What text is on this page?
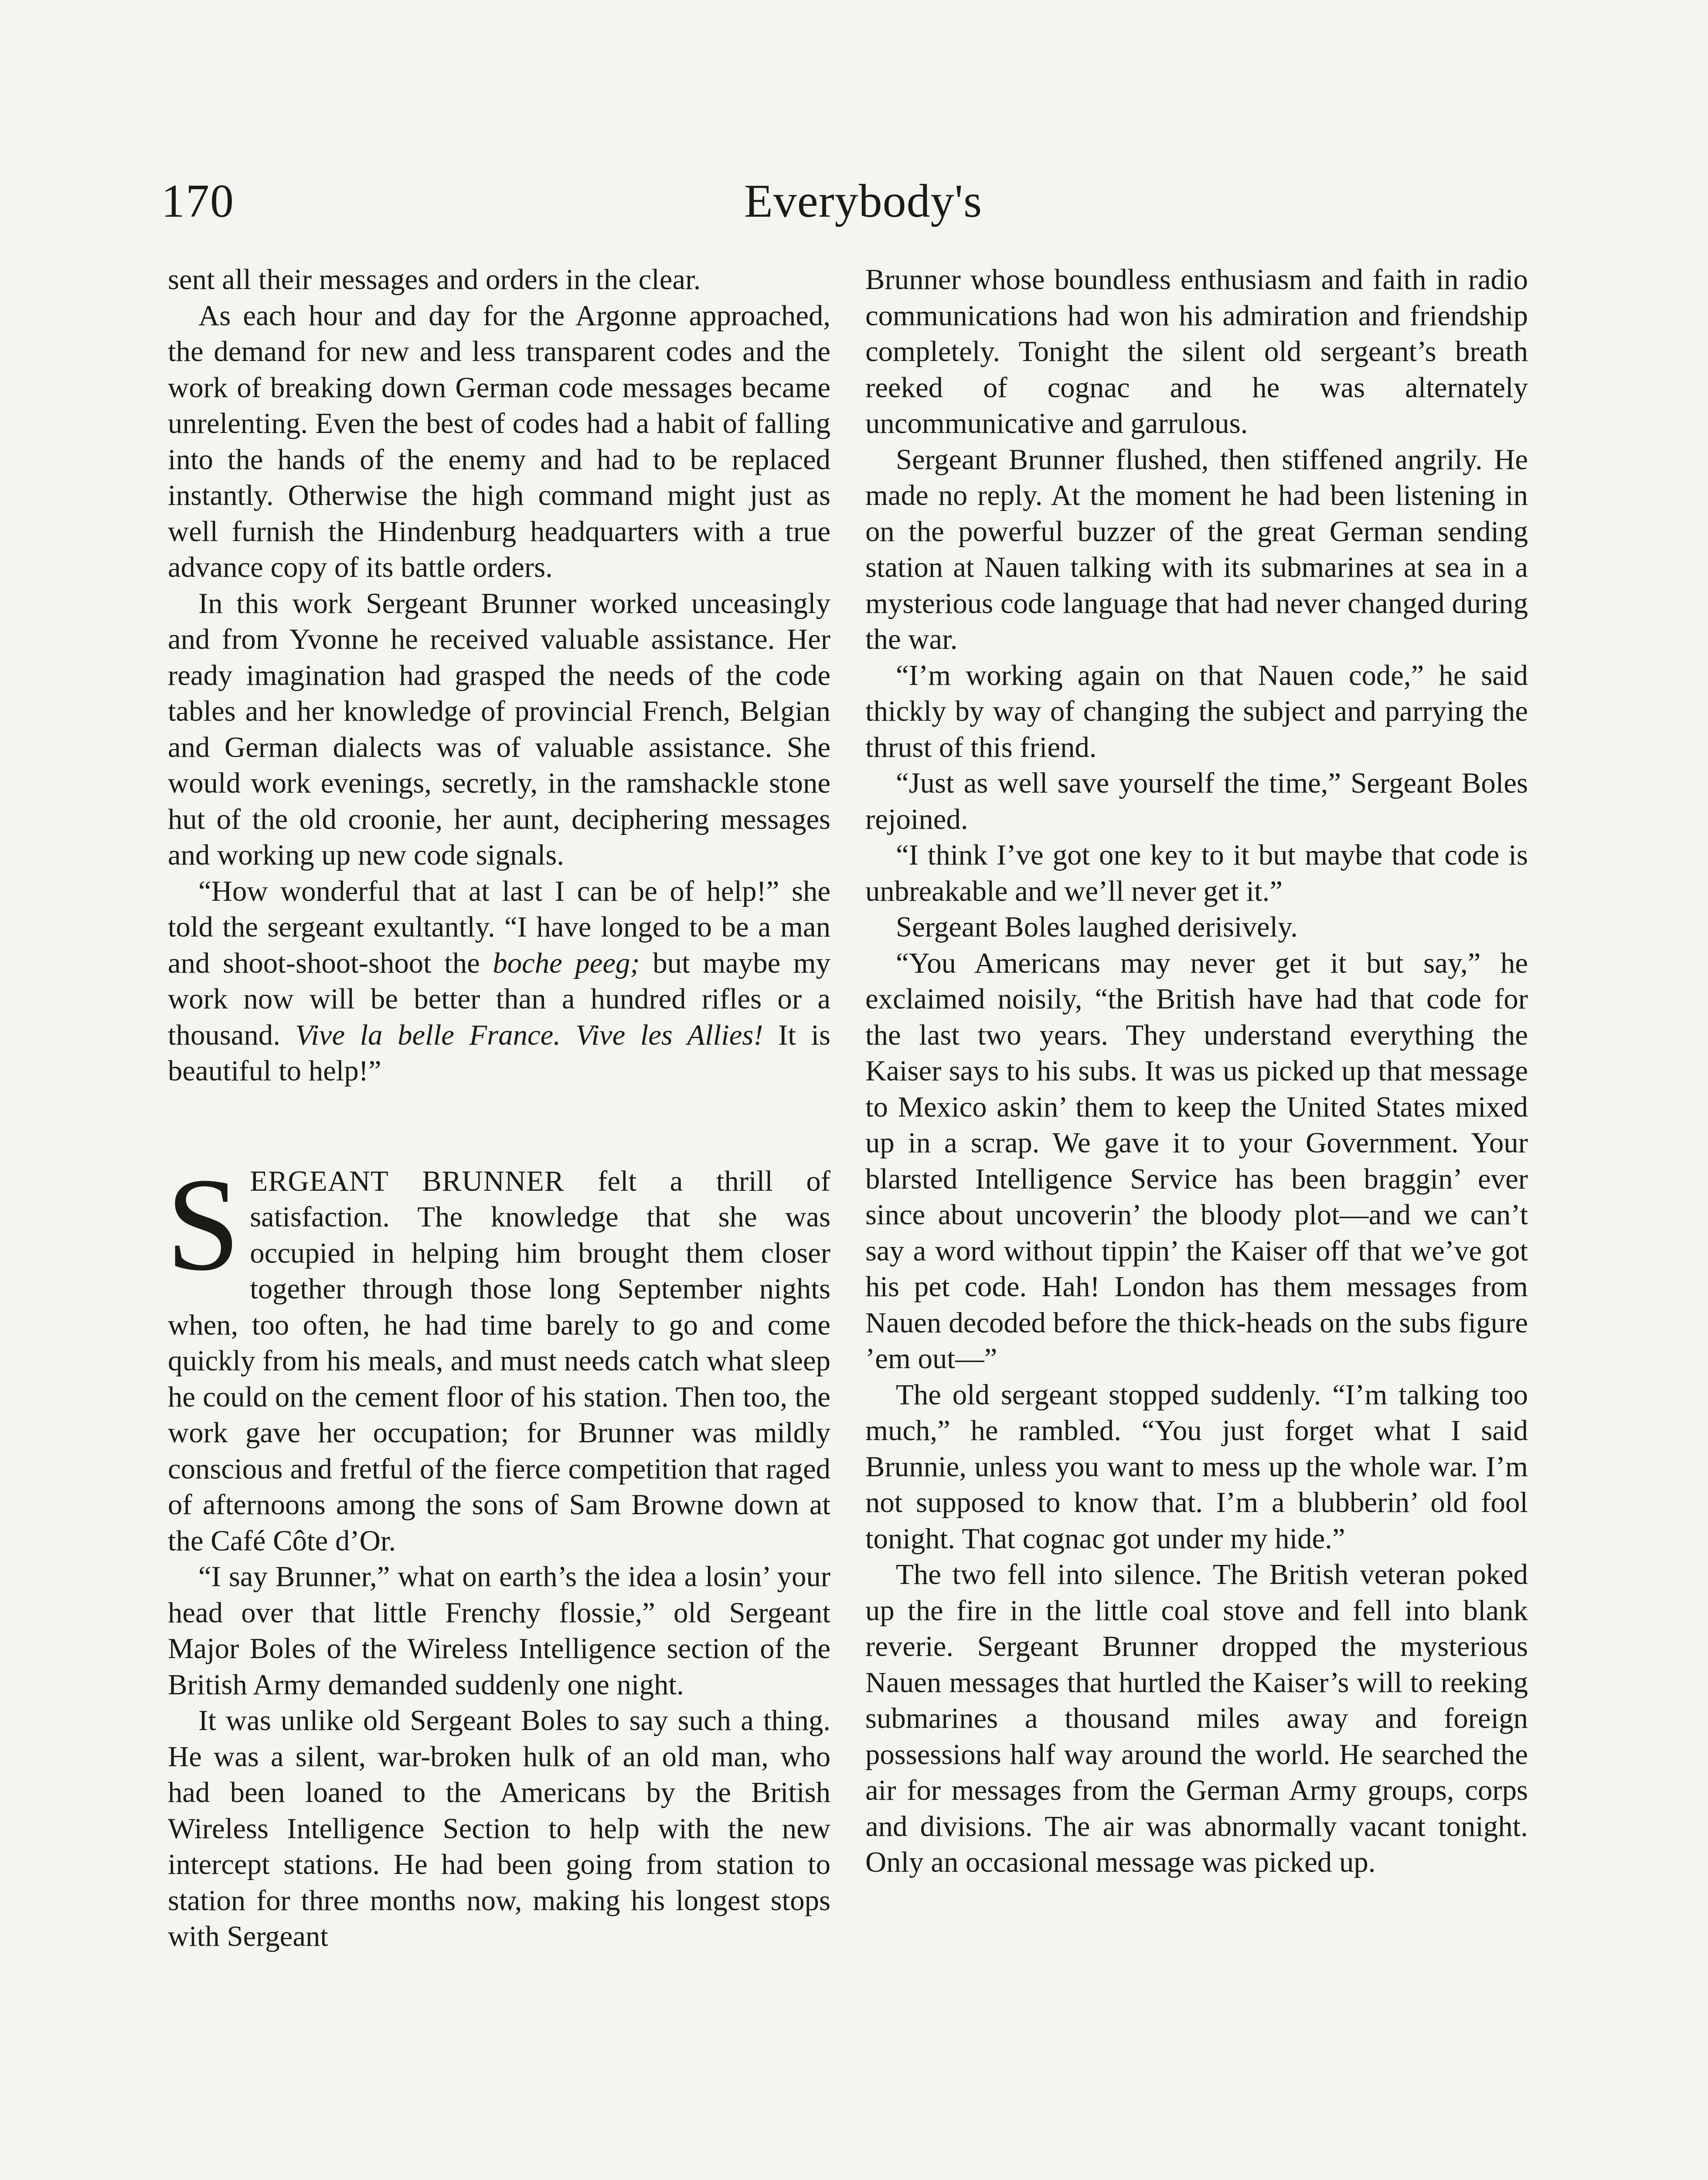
170	Everybody's

sent all their messages and orders in the clear.

As each hour and day for the Argonne approached, the demand for new and less transparent codes and the work of breaking down German code messages became unrelenting. Even the best of codes had a habit of falling into the hands of the enemy and had to be replaced instantly. Otherwise the high command might just as well furnish the Hindenburg headquarters with a true advance copy of its battle orders.

In this work Sergeant Brunner worked unceasingly and from Yvonne he received valuable assistance. Her ready imagination had grasped the needs of the code tables and her knowledge of provincial French, Belgian and German dialects was of valuable assistance. She would work evenings, secretly, in the ramshackle stone hut of the old croonie, her aunt, deciphering messages and working up new code signals.

“How wonderful that at last I can be of help!” she told the sergeant exultantly. “I have longed to be a man and shoot-shoot-shoot the boche peeg; but maybe my work now will be better than a hundred rifles or a thousand. Vive la belle France. Vive les Allies! It is beautiful to help!”

SERGEANT BRUNNER felt a thrill of satisfaction. The knowledge that she was occupied in helping him brought them closer together through those long September nights when, too often, he had time barely to go and come quickly from his meals, and must needs catch what sleep he could on the cement floor of his station. Then too, the work gave her occupation; for Brunner was mildly conscious and fretful of the fierce competition that raged of afternoons among the sons of Sam Browne down at the Café Côte d’Or.

“I say Brunner,” what on earth’s the idea a losin’ your head over that little Frenchy flossie,” old Sergeant Major Boles of the Wireless Intelligence section of the British Army demanded suddenly one night.

It was unlike old Sergeant Boles to say such a thing. He was a silent, war-broken hulk of an old man, who had been loaned to the Americans by the British Wireless Intelligence Section to help with the new intercept stations. He had been going from station to station for three months now, making his longest stops with Sergeant

Brunner whose boundless enthusiasm and faith in radio communications had won his admiration and friendship completely. Tonight the silent old sergeant’s breath reeked of cognac and he was alternately uncommunicative and garrulous.

Sergeant Brunner flushed, then stiffened angrily. He made no reply. At the moment he had been listening in on the powerful buzzer of the great German sending station at Nauen talking with its submarines at sea in a mysterious code language that had never changed during the war.

“I’m working again on that Nauen code,” he said thickly by way of changing the subject and parrying the thrust of this friend.

“Just as well save yourself the time,” Sergeant Boles rejoined.

“I think I’ve got one key to it but maybe that code is unbreakable and we’ll never get it.”

Sergeant Boles laughed derisively.

“You Americans may never get it but say,” he exclaimed noisily, “the British have had that code for the last two years. They understand everything the Kaiser says to his subs. It was us picked up that message to Mexico askin’ them to keep the United States mixed up in a scrap. We gave it to your Government. Your blarsted Intelligence Service has been braggin’ ever since about uncoverin’ the bloody plot—and we can’t say a word without tippin’ the Kaiser off that we’ve got his pet code. Hah! London has them messages from Nauen decoded before the thick-heads on the subs figure ’em out—”

The old sergeant stopped suddenly. “I’m talking too much,” he rambled. “You just forget what I said Brunnie, unless you want to mess up the whole war. I’m not supposed to know that. I’m a blubberin’ old fool tonight. That cognac got under my hide.”

The two fell into silence. The British veteran poked up the fire in the little coal stove and fell into blank reverie. Sergeant Brunner dropped the mysterious Nauen messages that hurtled the Kaiser’s will to reeking submarines a thousand miles away and foreign possessions half way around the world. He searched the air for messages from the German Army groups, corps and divisions. The air was abnormally vacant tonight. Only an occasional message was picked up.
